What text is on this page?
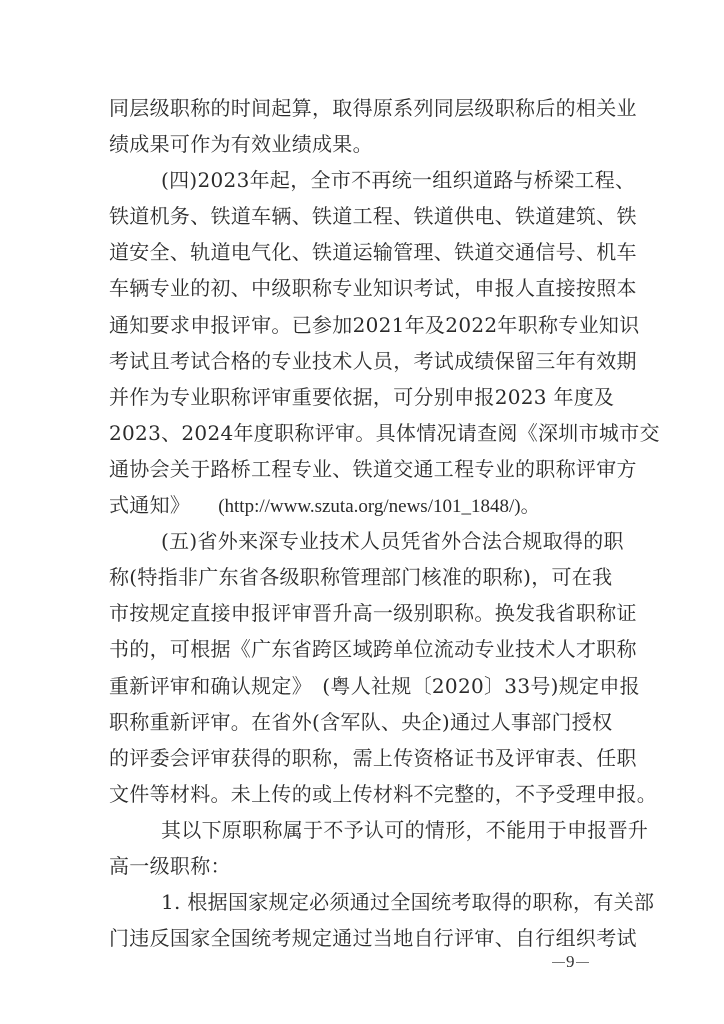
同层级职称的时间起算，取得原系列同层级职称后的相关业
绩成果可作为有效业绩成果。
(四)2023年起，全市不再统一组织道路与桥梁工程、
铁道机务、铁道车辆、铁道工程、铁道供电、铁道建筑、铁
道安全、轨道电气化、铁道运输管理、铁道交通信号、机车
车辆专业的初、中级职称专业知识考试，申报人直接按照本
通知要求申报评审。已参加2021年及2022年职称专业知识
考试且考试合格的专业技术人员，考试成绩保留三年有效期
并作为专业职称评审重要依据，可分别申报2023 年度及
2023、2024年度职称评审。具体情况请查阅《深圳市城市交
通协会关于路桥工程专业、铁道交通工程专业的职称评审方
式通知》 (http://www.szuta.org/news/101_1848/)。
(五)省外来深专业技术人员凭省外合法合规取得的职
称(特指非广东省各级职称管理部门核准的职称)，可在我
市按规定直接申报评审晋升高一级别职称。换发我省职称证
书的，可根据《广东省跨区域跨单位流动专业技术人才职称
重新评审和确认规定》　(粤人社规〔2020〕33号)规定申报
职称重新评审。在省外(含军队、央企)通过人事部门授权
的评委会评审获得的职称，需上传资格证书及评审表、任职
文件等材料。未上传的或上传材料不完整的，不予受理申报。
其以下原职称属于不予认可的情形，不能用于申报晋升
高一级职称：
1. 根据国家规定必须通过全国统考取得的职称，有关部
门违反国家全国统考规定通过当地自行评审、自行组织考试
9
